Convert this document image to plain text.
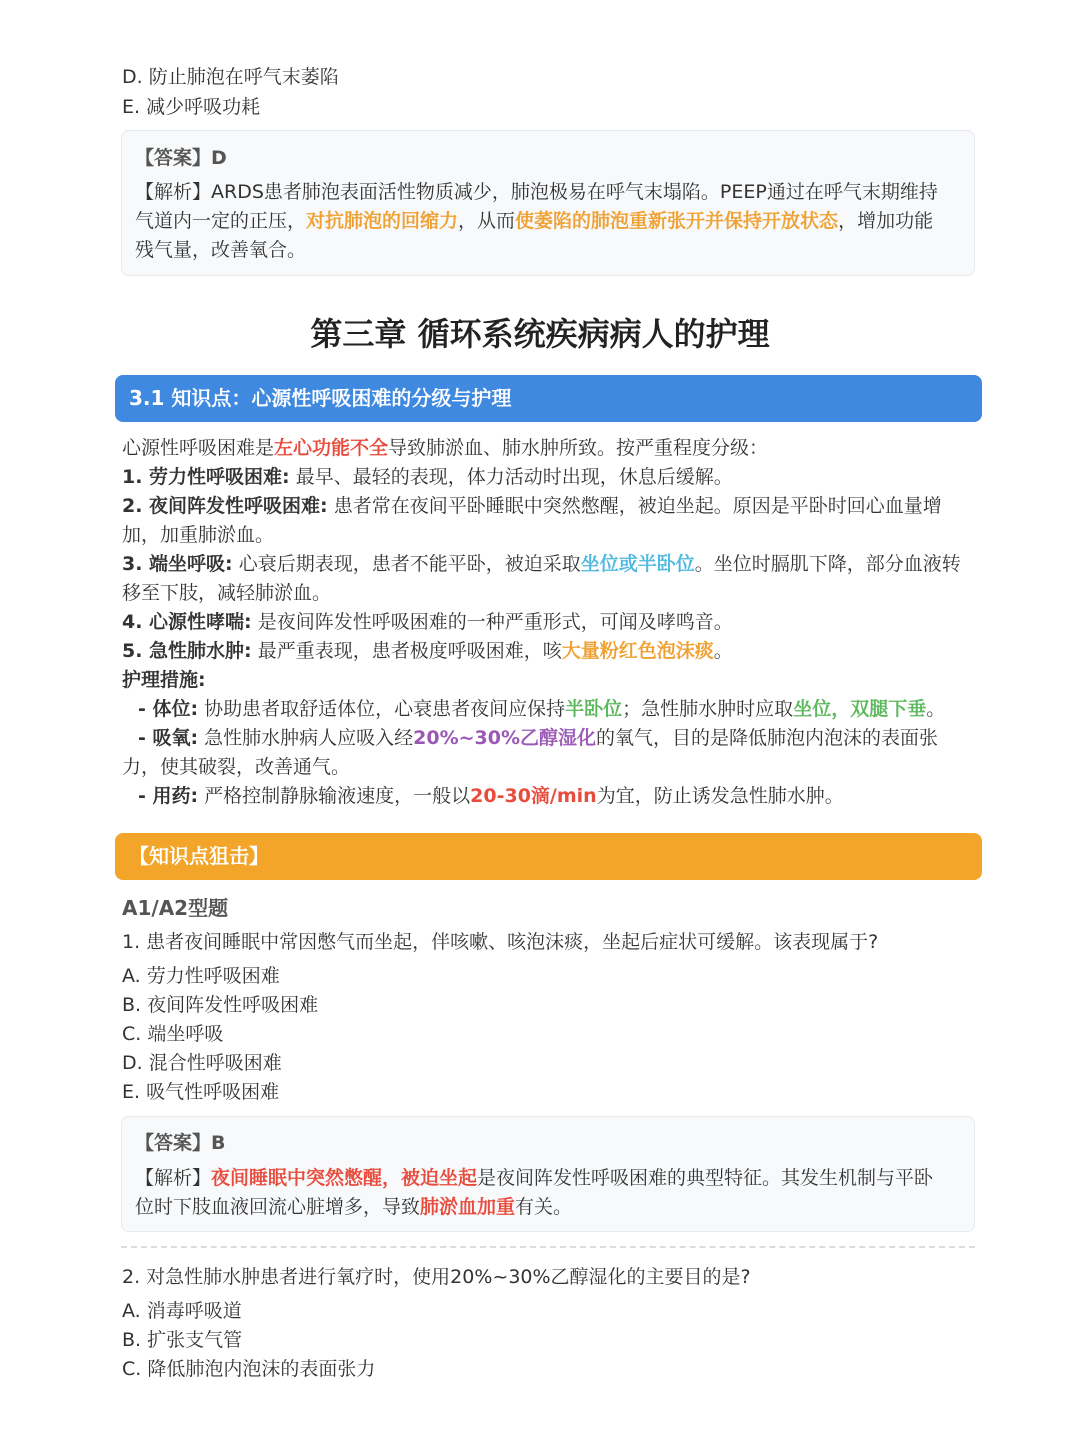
D. 防止肺泡在呼气末萎陷
E. 减少呼吸功耗
【答案】D
【解析】ARDS患者肺泡表面活性物质减少，肺泡极易在呼气末塌陷。PEEP通过在呼气末期维持
气道内一定的正压，对抗肺泡的回缩力，从而使萎陷的肺泡重新张开并保持开放状态，增加功能
残气量，改善氧合。
第三章 循环系统疾病病人的护理
3.1 知识点：心源性呼吸困难的分级与护理
心源性呼吸困难是左心功能不全导致肺淤血、肺水肿所致。按严重程度分级：
1. 劳力性呼吸困难: 最早、最轻的表现，体力活动时出现，休息后缓解。
2. 夜间阵发性呼吸困难: 患者常在夜间平卧睡眠中突然憋醒，被迫坐起。原因是平卧时回心血量增
加，加重肺淤血。
3. 端坐呼吸: 心衰后期表现，患者不能平卧，被迫采取坐位或半卧位。坐位时膈肌下降，部分血液转
移至下肢，减轻肺淤血。
4. 心源性哮喘: 是夜间阵发性呼吸困难的一种严重形式，可闻及哮鸣音。
5. 急性肺水肿: 最严重表现，患者极度呼吸困难，咳大量粉红色泡沫痰。
护理措施:
- 体位: 协助患者取舒适体位，心衰患者夜间应保持半卧位；急性肺水肿时应取坐位，双腿下垂。
- 吸氧: 急性肺水肿病人应吸入经20%~30%乙醇湿化的氧气，目的是降低肺泡内泡沫的表面张
力，使其破裂，改善通气。
- 用药: 严格控制静脉输液速度，一般以20-30滴/min为宜，防止诱发急性肺水肿。
【知识点狙击】
A1/A2型题
1. 患者夜间睡眠中常因憋气而坐起，伴咳嗽、咳泡沫痰，坐起后症状可缓解。该表现属于?
A. 劳力性呼吸困难
B. 夜间阵发性呼吸困难
C. 端坐呼吸
D. 混合性呼吸困难
E. 吸气性呼吸困难
【答案】B
【解析】夜间睡眠中突然憋醒，被迫坐起是夜间阵发性呼吸困难的典型特征。其发生机制与平卧
位时下肢血液回流心脏增多，导致肺淤血加重有关。
2. 对急性肺水肿患者进行氧疗时，使用20%~30%乙醇湿化的主要目的是?
A. 消毒呼吸道
B. 扩张支气管
C. 降低肺泡内泡沫的表面张力
